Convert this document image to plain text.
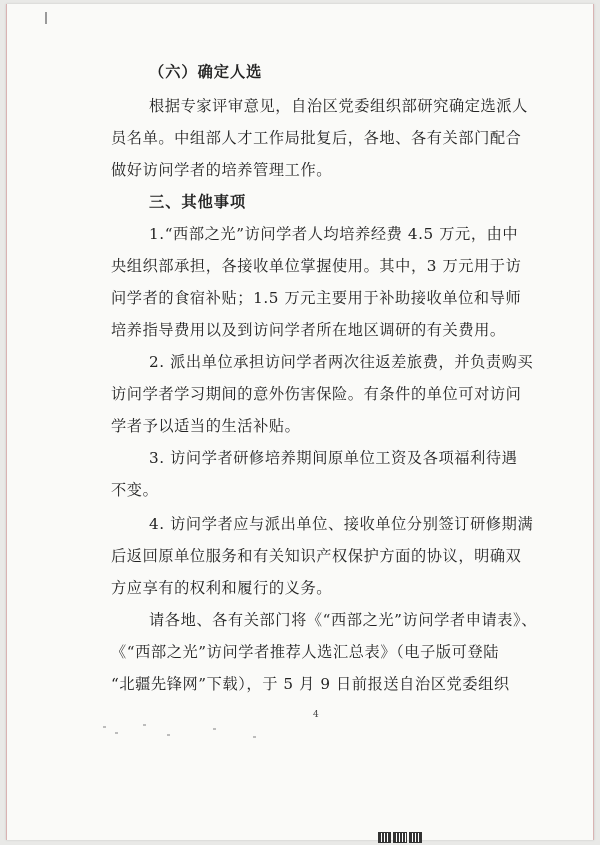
（六）确定人选

根据专家评审意见，自治区党委组织部研究确定选派人

员名单。中组部人才工作局批复后，各地、各有关部门配合

做好访问学者的培养管理工作。

三、其他事项

1.“西部之光”访问学者人均培养经费 4.5 万元，由中

央组织部承担，各接收单位掌握使用。其中，3 万元用于访

问学者的食宿补贴；1.5 万元主要用于补助接收单位和导师

培养指导费用以及到访问学者所在地区调研的有关费用。

2. 派出单位承担访问学者两次往返差旅费，并负责购买

访问学者学习期间的意外伤害保险。有条件的单位可对访问

学者予以适当的生活补贴。

3. 访问学者研修培养期间原单位工资及各项福利待遇

不变。

4. 访问学者应与派出单位、接收单位分别签订研修期满

后返回原单位服务和有关知识产权保护方面的协议，明确双

方应享有的权利和履行的义务。

请各地、各有关部门将《“西部之光”访问学者申请表》、

《“西部之光”访问学者推荐人选汇总表》（电子版可登陆

“北疆先锋网”下载），于 5 月 9 日前报送自治区党委组织

4
